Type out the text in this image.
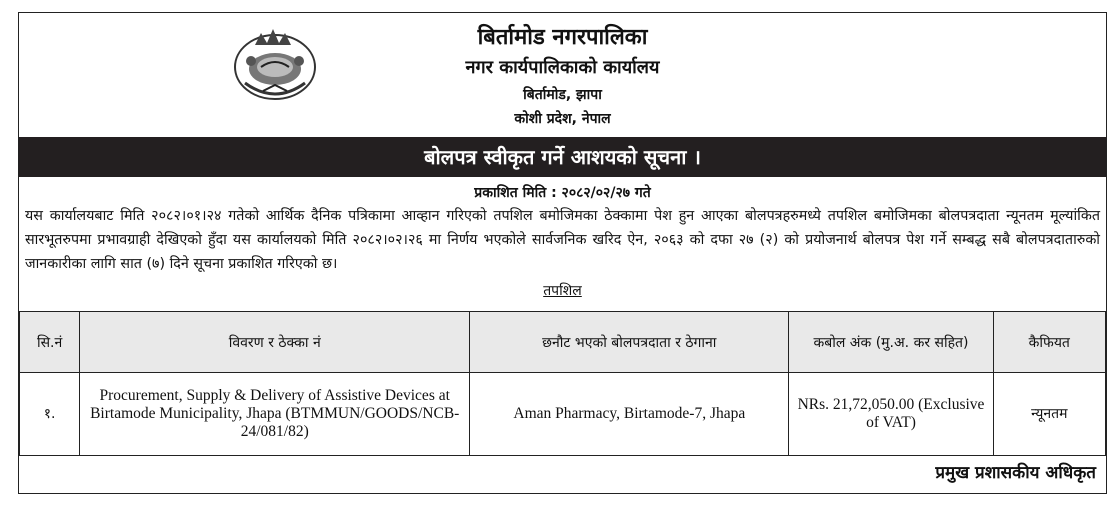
बिर्तामोड नगरपालिका
नगर कार्यपालिकाको कार्यालय
बिर्तामोड, झापा
कोशी प्रदेश, नेपाल
बोलपत्र स्वीकृत गर्ने आशयको सूचना ।
प्रकाशित मिति : २०८२/०२/२७ गते
यस कार्यालयबाट मिति २०८२।०१।२४ गतेको आर्थिक दैनिक पत्रिकामा आव्हान गरिएको तपशिल बमोजिमका ठेक्कामा पेश हुन आएका बोलपत्रहरुमध्ये तपशिल बमोजिमका बोलपत्रदाता न्यूनतम मूल्यांकित सारभूतरुपमा प्रभावग्राही देखिएको हुँदा यस कार्यालयको मिति २०८२।०२।२६ मा निर्णय भएकोले सार्वजनिक खरिद ऐन, २०६३ को दफा २७ (२) को प्रयोजनार्थ बोलपत्र पेश गर्ने सम्बद्ध सबै बोलपत्रदातारुको जानकारीका लागि सात (७) दिने सूचना प्रकाशित गरिएको छ।
तपशिल
सि.नं	विवरण र ठेक्का नं	छनौट भएको बोलपत्रदाता र ठेगाना	कबोल अंक (मु.अ. कर सहित)	कैफियत
१.	Procurement, Supply & Delivery of Assistive Devices at Birtamode Municipality, Jhapa (BTMMUN/GOODS/NCB-24/081/82)	Aman Pharmacy, Birtamode-7, Jhapa	NRs. 21,72,050.00 (Exclusive of VAT)	न्यूनतम
प्रमुख प्रशासकीय अधिकृत
